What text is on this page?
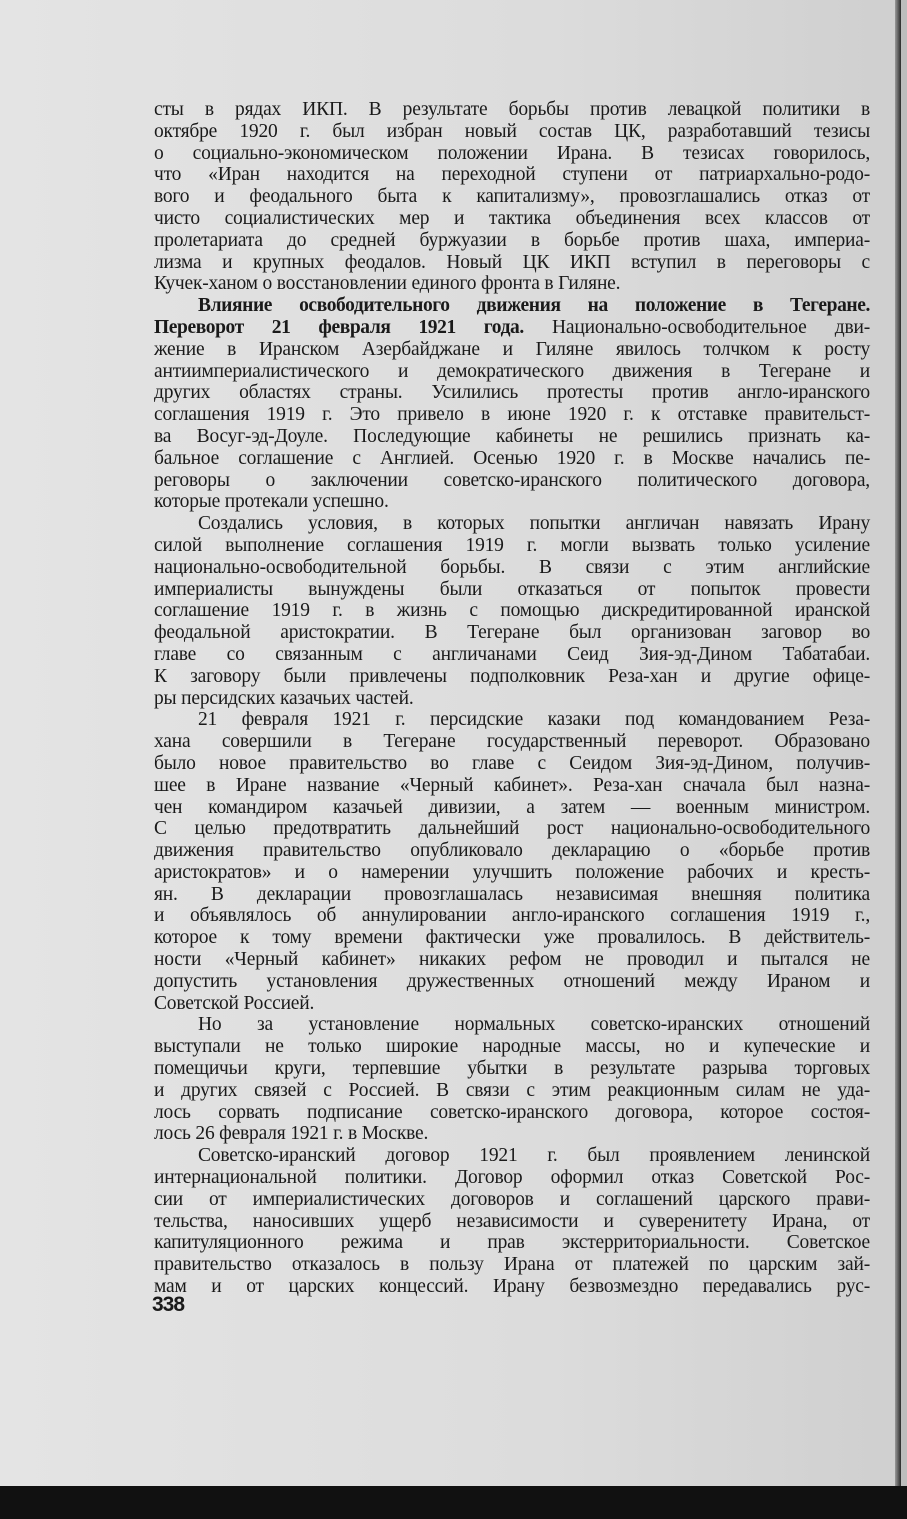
сты в рядах ИКП. В результате борьбы против левацкой политики в
октябре 1920 г. был избран новый состав ЦК, разработавший тезисы
о социально-экономическом положении Ирана. В тезисах говорилось,
что «Иран находится на переходной ступени от патриархально-родо-
вого и феодального быта к капитализму», провозглашались отказ от
чисто социалистических мер и тактика объединения всех классов от
пролетариата до средней буржуазии в борьбе против шаха, империа-
лизма и крупных феодалов. Новый ЦК ИКП вступил в переговоры с
Кучек-ханом о восстановлении единого фронта в Гиляне.
Влияние освободительного движения на положение в Тегеране.
Переворот 21 февраля 1921 года. Национально-освободительное дви-
жение в Иранском Азербайджане и Гиляне явилось толчком к росту
антиимпериалистического и демократического движения в Тегеране и
других областях страны. Усилились протесты против англо-иранского
соглашения 1919 г. Это привело в июне 1920 г. к отставке правительст-
ва Восуг-эд-Доуле. Последующие кабинеты не решились признать ка-
бальное соглашение с Англией. Осенью 1920 г. в Москве начались пе-
реговоры о заключении советско-иранского политического договора,
которые протекали успешно.
Создались условия, в которых попытки англичан навязать Ирану
силой выполнение соглашения 1919 г. могли вызвать только усиление
национально-освободительной борьбы. В связи с этим английские
империалисты вынуждены были отказаться от попыток провести
соглашение 1919 г. в жизнь с помощью дискредитированной иранской
феодальной аристократии. В Тегеране был организован заговор во
главе со связанным с англичанами Сеид Зия-эд-Дином Табатабаи.
К заговору были привлечены подполковник Реза-хан и другие офице-
ры персидских казачьих частей.
21 февраля 1921 г. персидские казаки под командованием Реза-
хана совершили в Тегеране государственный переворот. Образовано
было новое правительство во главе с Сеидом Зия-эд-Дином, получив-
шее в Иране название «Черный кабинет». Реза-хан сначала был назна-
чен командиром казачьей дивизии, а затем — военным министром.
С целью предотвратить дальнейший рост национально-освободительного
движения правительство опубликовало декларацию о «борьбе против
аристократов» и о намерении улучшить положение рабочих и кресть-
ян. В декларации провозглашалась независимая внешняя политика
и объявлялось об аннулировании англо-иранского соглашения 1919 г.,
которое к тому времени фактически уже провалилось. В действитель-
ности «Черный кабинет» никаких рефом не проводил и пытался не
допустить установления дружественных отношений между Ираном и
Советской Россией.
Но за установление нормальных советско-иранских отношений
выступали не только широкие народные массы, но и купеческие и
помещичьи круги, терпевшие убытки в результате разрыва торговых
и других связей с Россией. В связи с этим реакционным силам не уда-
лось сорвать подписание советско-иранского договора, которое состоя-
лось 26 февраля 1921 г. в Москве.
Советско-иранский договор 1921 г. был проявлением ленинской
интернациональной политики. Договор оформил отказ Советской Рос-
сии от империалистических договоров и соглашений царского прави-
тельства, наносивших ущерб независимости и суверенитету Ирана, от
капитуляционного режима и прав экстерриториальности. Советское
правительство отказалось в пользу Ирана от платежей по царским зай-
мам и от царских концессий. Ирану безвозмездно передавались рус-
338
